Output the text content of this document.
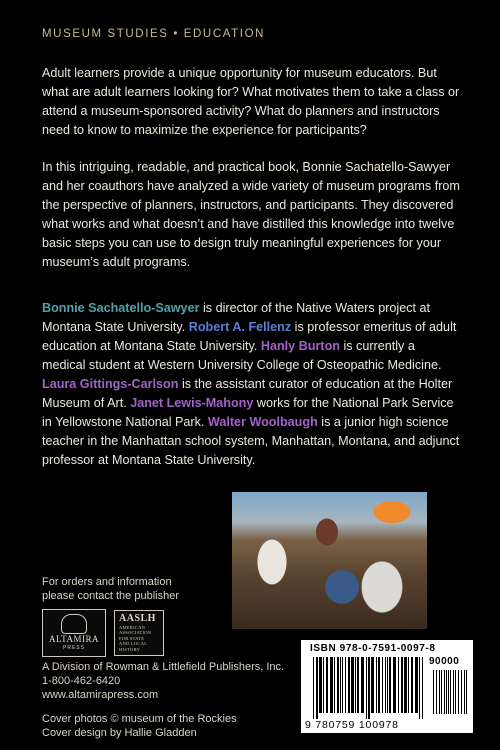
MUSEUM STUDIES • EDUCATION

Adult learners provide a unique opportunity for museum educators. But what are adult learners looking for? What motivates them to take a class or attend a museum-sponsored activity? What do planners and instructors need to know to maximize the experience for participants?

In this intriguing, readable, and practical book, Bonnie Sachatello-Sawyer and her coauthors have analyzed a wide variety of museum programs from the perspective of planners, instructors, and participants. They discovered what works and what doesn’t and have distilled this knowledge into twelve basic steps you can use to design truly meaningful experiences for your museum’s adult programs.

Bonnie Sachatello-Sawyer is director of the Native Waters project at Montana State University. Robert A. Fellenz is professor emeritus of adult education at Montana State University. Hanly Burton is currently a medical student at Western University College of Osteopathic Medicine. Laura Gittings-Carlson is the assistant curator of education at the Holter Museum of Art. Janet Lewis-Mahony works for the National Park Service in Yellowstone National Park. Walter Woolbaugh is a junior high science teacher in the Manhattan school system, Manhattan, Montana, and adjunct professor at Montana State University.

For orders and information
please contact the publisher
ALTAMIRA
PRESS
AASLH
AMERICAN
ASSOCIATION
FOR STATE
AND LOCAL
HISTORY
A Division of Rowman & Littlefield Publishers, Inc.
1-800-462-6420
www.altamirapress.com
Cover photos © museum of the Rockies
Cover design by Hallie Gladden
ISBN 978-0-7591-0097-8
90000
9 780759 100978
